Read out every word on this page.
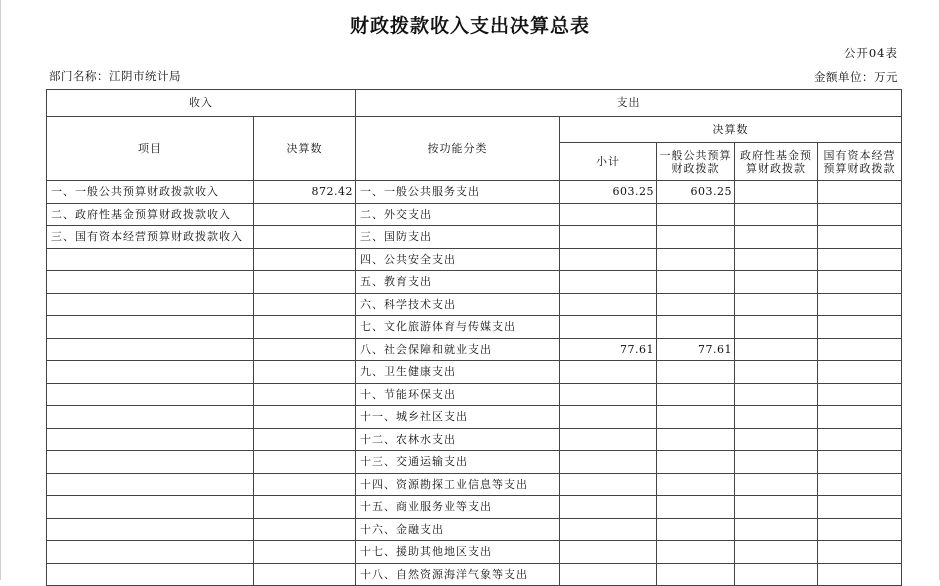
财政拨款收入支出决算总表
公开04表
部门名称：江阴市统计局	金额单位：万元
收入		支出				
项目	决算数	按功能分类	决算数			
			小计	一般公共预算财政拨款	政府性基金预算财政拨款	国有资本经营预算财政拨款
一、一般公共预算财政拨款收入	872.42	一、一般公共服务支出	603.25	603.25		
二、政府性基金预算财政拨款收入		二、外交支出				
三、国有资本经营预算财政拨款收入		三、国防支出				
		四、公共安全支出				
		五、教育支出				
		六、科学技术支出				
		七、文化旅游体育与传媒支出				
		八、社会保障和就业支出	77.61	77.61		
		九、卫生健康支出				
		十、节能环保支出				
		十一、城乡社区支出				
		十二、农林水支出				
		十三、交通运输支出				
		十四、资源勘探工业信息等支出				
		十五、商业服务业等支出				
		十六、金融支出				
		十七、援助其他地区支出				
		十八、自然资源海洋气象等支出				
